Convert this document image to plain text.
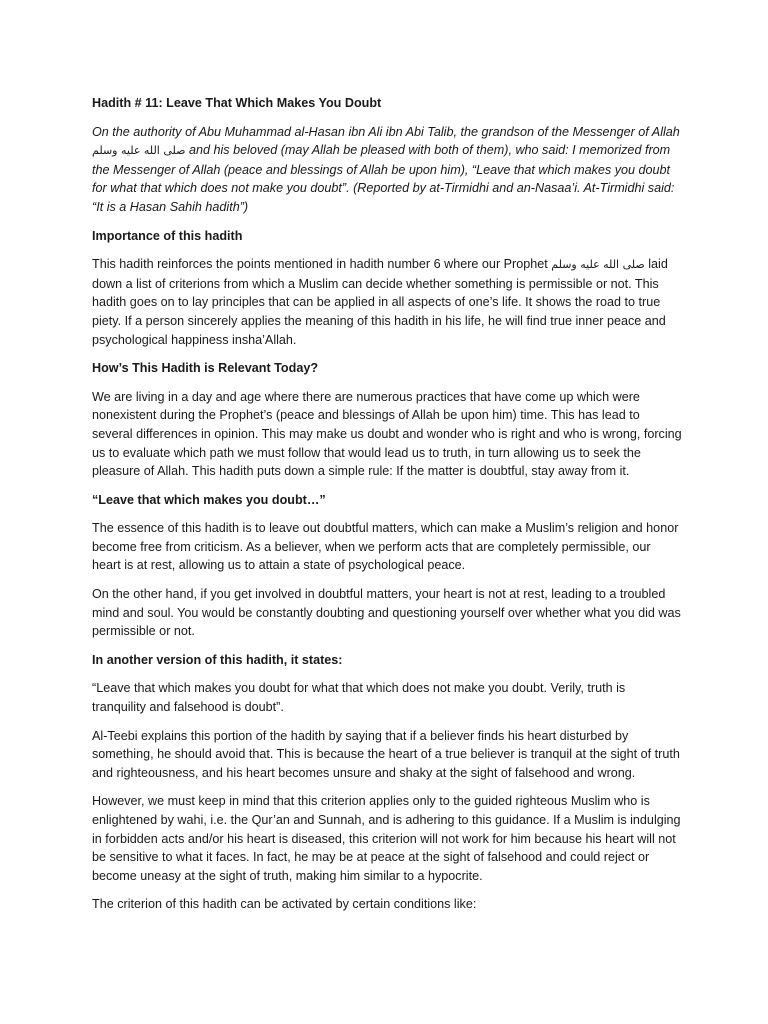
Hadith # 11: Leave That Which Makes You Doubt

On the authority of Abu Muhammad al-Hasan ibn Ali ibn Abi Talib, the grandson of the Messenger of Allah صلى الله عليه وسلم and his beloved (may Allah be pleased with both of them), who said: I memorized from the Messenger of Allah (peace and blessings of Allah be upon him), “Leave that which makes you doubt for what that which does not make you doubt”. (Reported by at-Tirmidhi and an-Nasaa’i. At-Tirmidhi said: “It is a Hasan Sahih hadith”)

Importance of this hadith

This hadith reinforces the points mentioned in hadith number 6 where our Prophet صلى الله عليه وسلم laid down a list of criterions from which a Muslim can decide whether something is permissible or not. This hadith goes on to lay principles that can be applied in all aspects of one’s life. It shows the road to true piety. If a person sincerely applies the meaning of this hadith in his life, he will find true inner peace and psychological happiness insha’Allah.

How’s This Hadith is Relevant Today?

We are living in a day and age where there are numerous practices that have come up which were nonexistent during the Prophet’s (peace and blessings of Allah be upon him) time. This has lead to several differences in opinion. This may make us doubt and wonder who is right and who is wrong, forcing us to evaluate which path we must follow that would lead us to truth, in turn allowing us to seek the pleasure of Allah. This hadith puts down a simple rule: If the matter is doubtful, stay away from it.

“Leave that which makes you doubt…”

The essence of this hadith is to leave out doubtful matters, which can make a Muslim’s religion and honor become free from criticism. As a believer, when we perform acts that are completely permissible, our heart is at rest, allowing us to attain a state of psychological peace.

On the other hand, if you get involved in doubtful matters, your heart is not at rest, leading to a troubled mind and soul. You would be constantly doubting and questioning yourself over whether what you did was permissible or not.

In another version of this hadith, it states:

“Leave that which makes you doubt for what that which does not make you doubt. Verily, truth is tranquility and falsehood is doubt”.

Al-Teebi explains this portion of the hadith by saying that if a believer finds his heart disturbed by something, he should avoid that. This is because the heart of a true believer is tranquil at the sight of truth and righteousness, and his heart becomes unsure and shaky at the sight of falsehood and wrong.

However, we must keep in mind that this criterion applies only to the guided righteous Muslim who is enlightened by wahi, i.e. the Qur’an and Sunnah, and is adhering to this guidance. If a Muslim is indulging in forbidden acts and/or his heart is diseased, this criterion will not work for him because his heart will not be sensitive to what it faces. In fact, he may be at peace at the sight of falsehood and could reject or become uneasy at the sight of truth, making him similar to a hypocrite.

The criterion of this hadith can be activated by certain conditions like:
